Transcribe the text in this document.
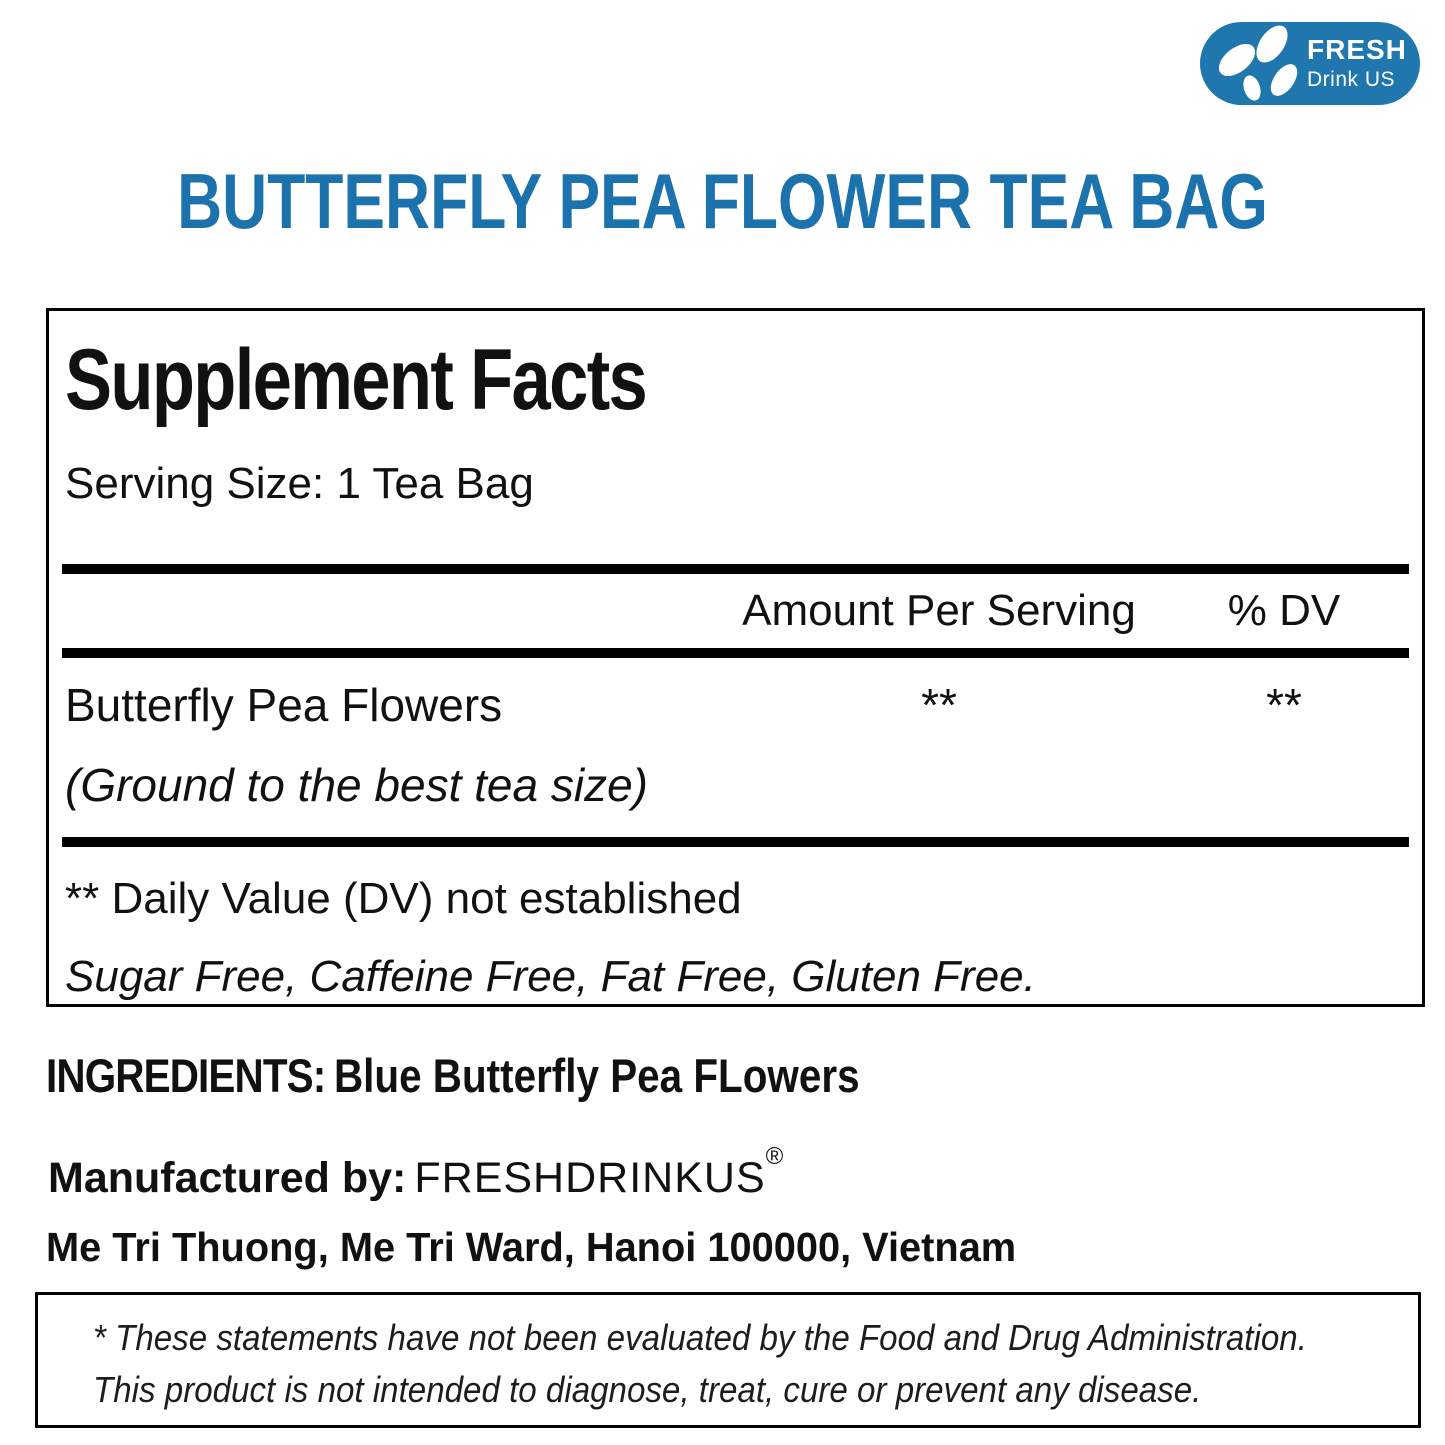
FRESH
Drink US
BUTTERFLY PEA FLOWER TEA BAG
Supplement Facts
Serving Size: 1 Tea Bag
Amount Per Serving	% DV
Butterfly Pea Flowers	**	**
(Ground to the best tea size)
** Daily Value (DV) not established
Sugar Free, Caffeine Free, Fat Free, Gluten Free.
INGREDIENTS: Blue Butterfly Pea FLowers
Manufactured by: FRESHDRINKUS®
Me Tri Thuong, Me Tri Ward, Hanoi 100000, Vietnam
* These statements have not been evaluated by the Food and Drug Administration.
This product is not intended to diagnose, treat, cure or prevent any disease.
